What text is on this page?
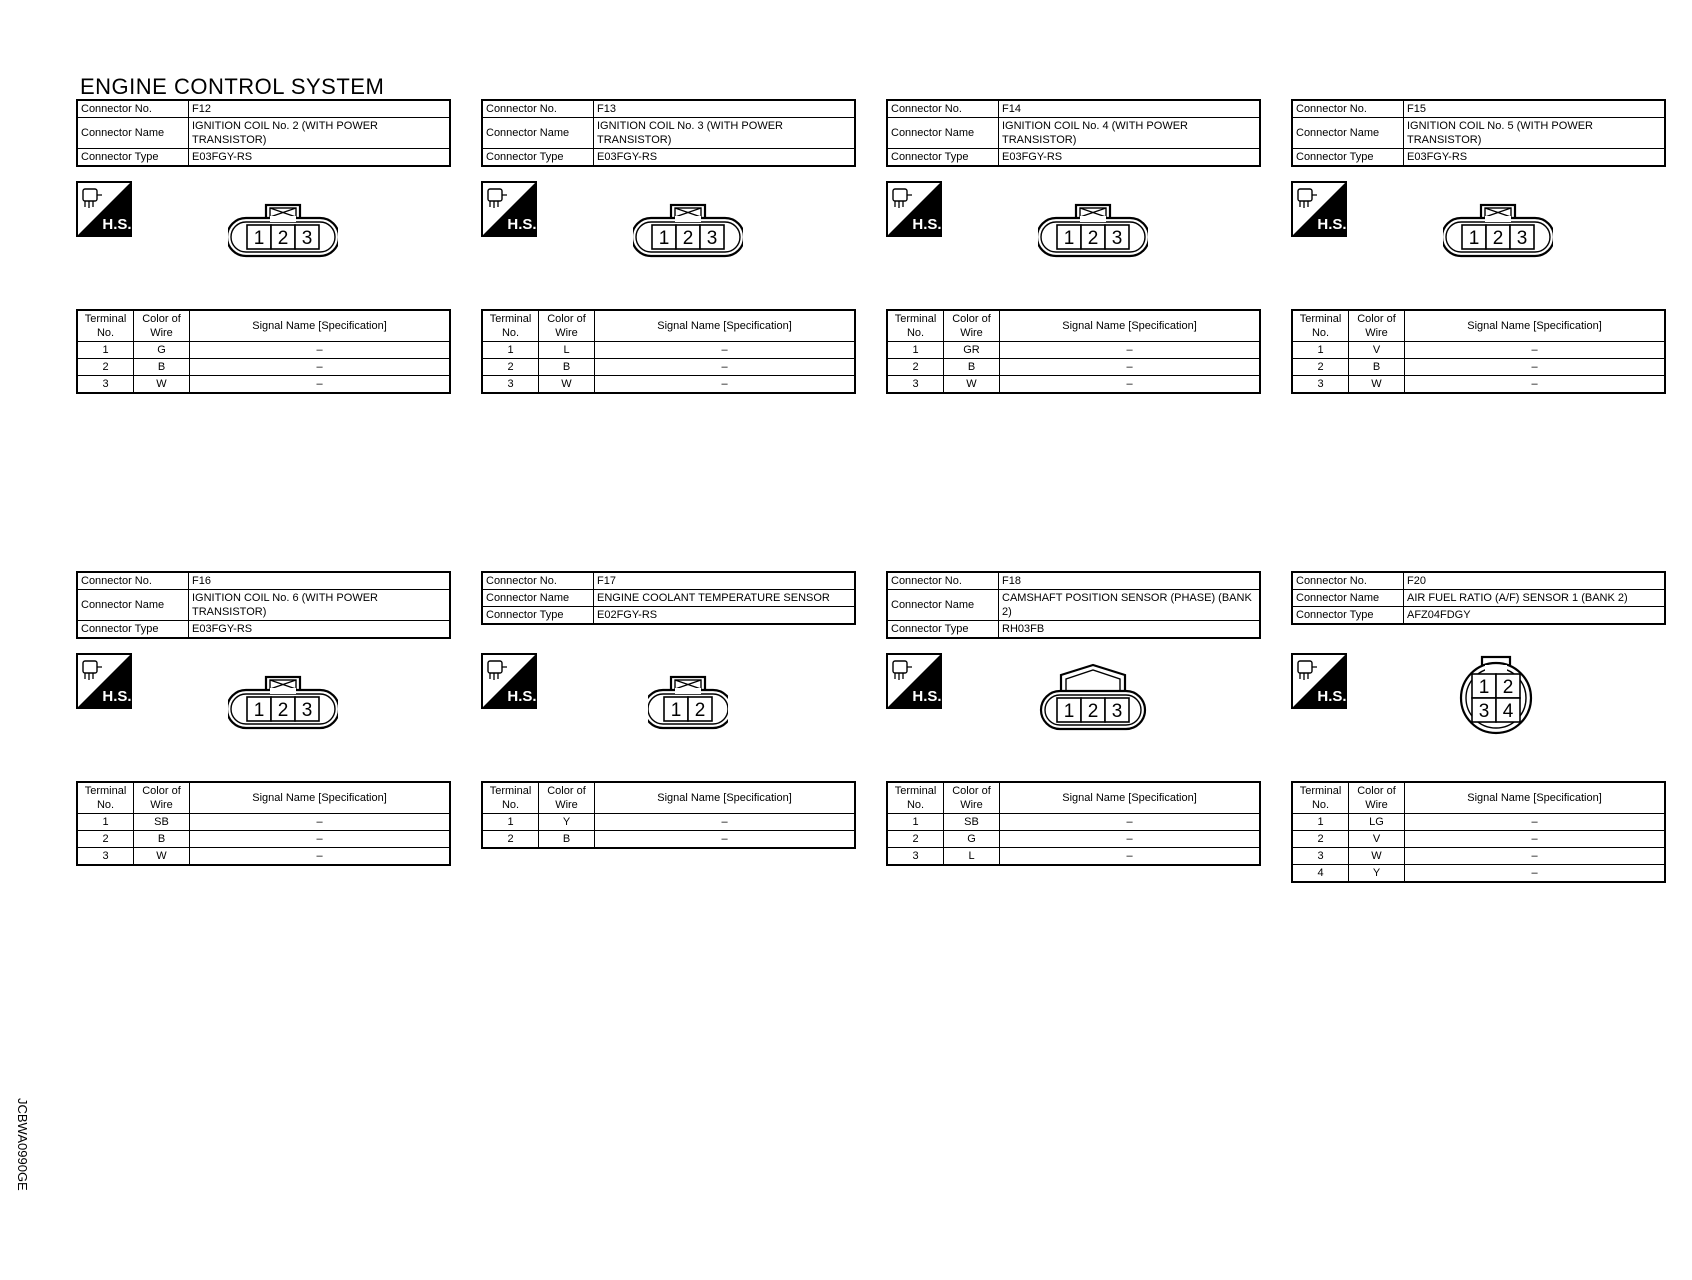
ENGINE CONTROL SYSTEM
JCBWA0990GE
Connector No.	F12
Connector Name	IGNITION COIL No. 2 (WITH POWER TRANSISTOR)
Connector Type	E03FGY-RS
H.S.
1 2 3
Terminal No.	Color of Wire	Signal Name [Specification]
1	G	–
2	B	–
3	W	–
Connector No.	F13
Connector Name	IGNITION COIL No. 3 (WITH POWER TRANSISTOR)
Connector Type	E03FGY-RS
H.S.
1 2 3
Terminal No.	Color of Wire	Signal Name [Specification]
1	L	–
2	B	–
3	W	–
Connector No.	F14
Connector Name	IGNITION COIL No. 4 (WITH POWER TRANSISTOR)
Connector Type	E03FGY-RS
H.S.
1 2 3
Terminal No.	Color of Wire	Signal Name [Specification]
1	GR	–
2	B	–
3	W	–
Connector No.	F15
Connector Name	IGNITION COIL No. 5 (WITH POWER TRANSISTOR)
Connector Type	E03FGY-RS
H.S.
1 2 3
Terminal No.	Color of Wire	Signal Name [Specification]
1	V	–
2	B	–
3	W	–
Connector No.	F16
Connector Name	IGNITION COIL No. 6 (WITH POWER TRANSISTOR)
Connector Type	E03FGY-RS
H.S.
1 2 3
Terminal No.	Color of Wire	Signal Name [Specification]
1	SB	–
2	B	–
3	W	–
Connector No.	F17
Connector Name	ENGINE COOLANT TEMPERATURE SENSOR
Connector Type	E02FGY-RS
H.S.
1 2
Terminal No.	Color of Wire	Signal Name [Specification]
1	Y	–
2	B	–
Connector No.	F18
Connector Name	CAMSHAFT POSITION SENSOR (PHASE) (BANK 2)
Connector Type	RH03FB
H.S.
1 2 3
Terminal No.	Color of Wire	Signal Name [Specification]
1	SB	–
2	G	–
3	L	–
Connector No.	F20
Connector Name	AIR FUEL RATIO (A/F) SENSOR 1 (BANK 2)
Connector Type	AFZ04FDGY
H.S.	1 2
3 4
Terminal No.	Color of Wire	Signal Name [Specification]
1	LG	–
2	V	–
3	W	–
4	Y	–
